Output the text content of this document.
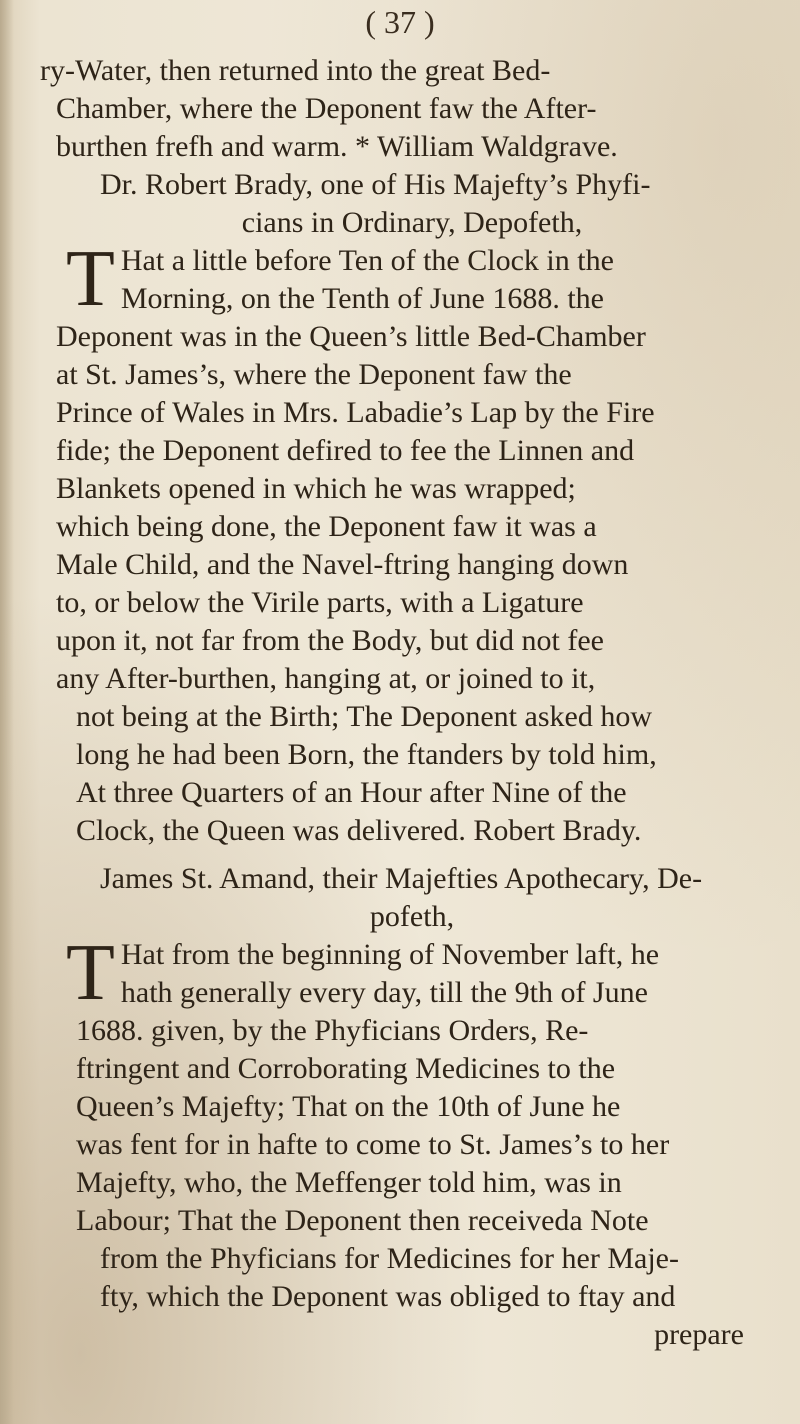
( 37 )
ry-Water, then returned into the great Bed-
Chamber, where the Deponent faw the After-
burthen frefh and warm. * William Waldgrave.
Dr. Robert Brady, one of His Majefty’s Phyfi-
cians in Ordinary, Depofeth,
T Hat a little before Ten of the Clock in the
Morning, on the Tenth of June 1688. the
Deponent was in the Queen’s little Bed-Chamber
at St. James’s, where the Deponent faw the
Prince of Wales in Mrs. Labadie’s Lap by the Fire
fide; the Deponent defired to fee the Linnen and
Blankets opened in which he was wrapped;
which being done, the Deponent faw it was a
Male Child, and the Navel-ftring hanging down
to, or below the Virile parts, with a Ligature
upon it, not far from the Body, but did not fee
any After-burthen, hanging at, or joined to it,
not being at the Birth; The Deponent asked how
long he had been Born, the ftanders by told him,
At three Quarters of an Hour after Nine of the
Clock, the Queen was delivered. Robert Brady.
James St. Amand, their Majefties Apothecary, De-
pofeth,
T Hat from the beginning of November laft, he
hath generally every day, till the 9th of June
1688. given, by the Phyficians Orders, Re-
ftringent and Corroborating Medicines to the
Queen’s Majefty; That on the 10th of June he
was fent for in hafte to come to St. James’s to her
Majefty, who, the Meffenger told him, was in
Labour; That the Deponent then receiveda Note
from the Phyficians for Medicines for her Maje-
fty, which the Deponent was obliged to ftay and
prepare
